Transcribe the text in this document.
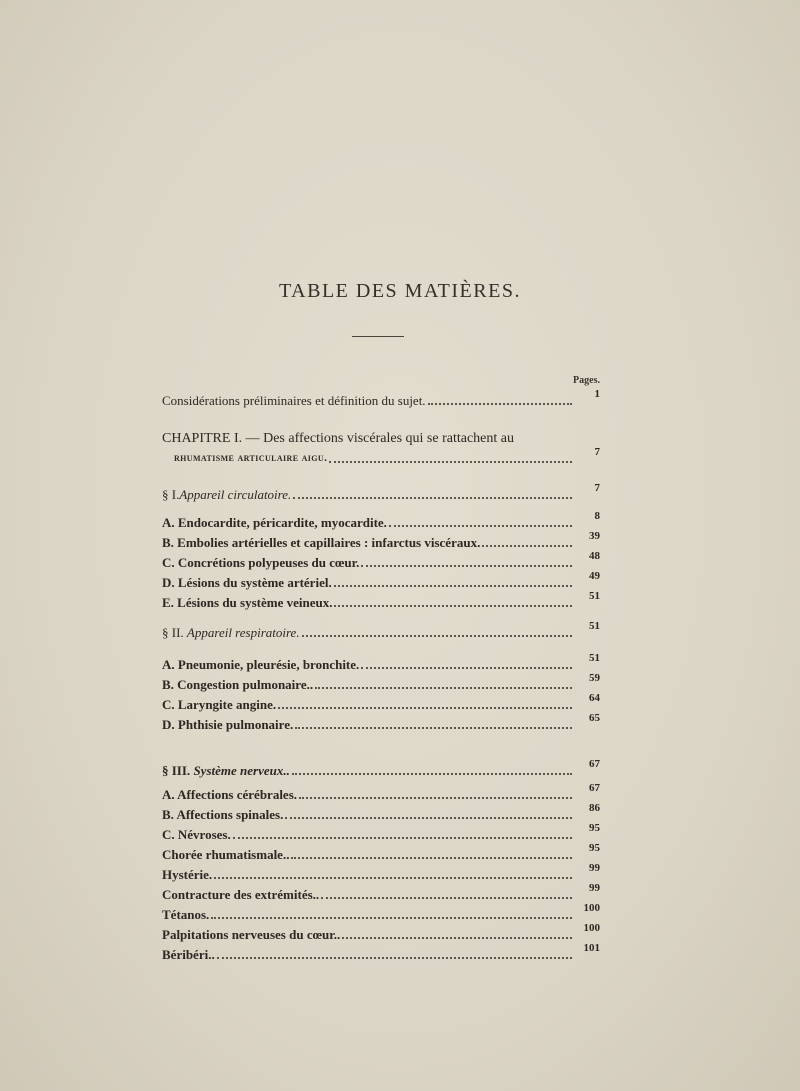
TABLE DES MATIÈRES.
Pages.
Considérations préliminaires et définition du sujet.	1
CHAPITRE I. — Des affections viscérales qui se rattachent au
rhumatisme articulaire aigu.	7
§ I.Appareil circulatoire.	7
A. Endocardite, péricardite, myocardite.	8
B. Embolies artérielles et capillaires : infarctus viscéraux.	39
C. Concrétions polypeuses du cœur.	48
D. Lésions du système artériel.	49
E. Lésions du système veineux.	51
§ II. Appareil respiratoire.	51
A. Pneumonie, pleurésie, bronchite.	51
B. Congestion pulmonaire..	59
C. Laryngite angine.	64
D. Phthisie pulmonaire.	65
§ III. Système nerveux..	67
A. Affections cérébrales.	67
B. Affections spinales.	86
C. Névroses.	95
Chorée rhumatismale..	95
Hystérie.	99
Contracture des extrémités..	99
Tétanos.	100
Palpitations nerveuses du cœur..	100
Béribéri..	101
